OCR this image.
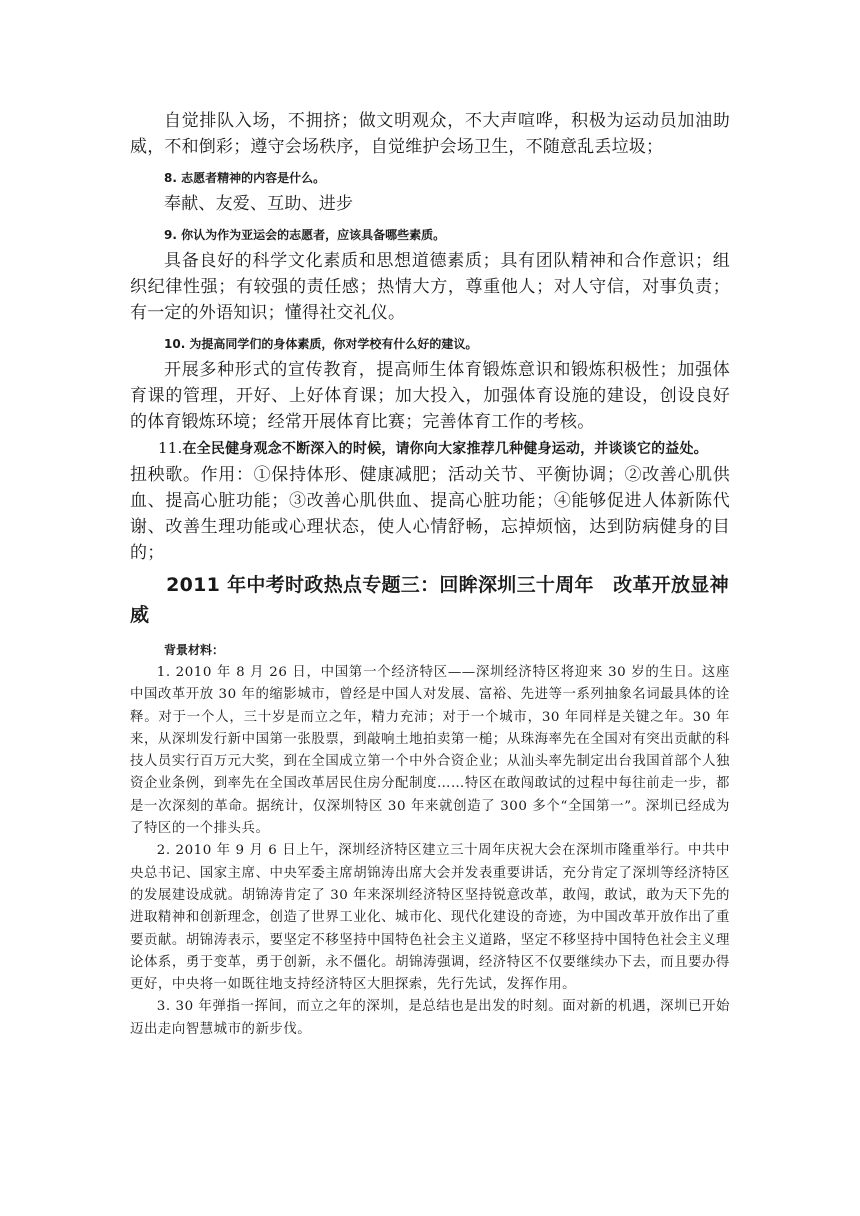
自觉排队入场，不拥挤；做文明观众，不大声喧哗，积极为运动员加油助威，不和倒彩；遵守会场秩序，自觉维护会场卫生，不随意乱丢垃圾；

8. 志愿者精神的内容是什么。

奉献、友爱、互助、进步

9. 你认为作为亚运会的志愿者，应该具备哪些素质。

具备良好的科学文化素质和思想道德素质；具有团队精神和合作意识；组织纪律性强；有较强的责任感；热情大方，尊重他人；对人守信，对事负责；有一定的外语知识；懂得社交礼仪。

10. 为提高同学们的身体素质，你对学校有什么好的建议。

开展多种形式的宣传教育，提高师生体育锻炼意识和锻炼积极性；加强体育课的管理，开好、上好体育课；加大投入，加强体育设施的建设，创设良好的体育锻炼环境；经常开展体育比赛；完善体育工作的考核。

11.在全民健身观念不断深入的时候，请你向大家推荐几种健身运动，并谈谈它的益处。

扭秧歌。作用：①保持体形、健康减肥；活动关节、平衡协调；②改善心肌供血、提高心脏功能；③改善心肌供血、提高心脏功能；④能够促进人体新陈代谢、改善生理功能或心理状态，使人心情舒畅，忘掉烦恼，达到防病健身的目的；

2011 年中考时政热点专题三：回眸深圳三十周年　改革开放显神威

背景材料：

1. 2010 年 8 月 26 日，中国第一个经济特区——深圳经济特区将迎来 30 岁的生日。这座中国改革开放 30 年的缩影城市，曾经是中国人对发展、富裕、先进等一系列抽象名词最具体的诠释。对于一个人，三十岁是而立之年，精力充沛；对于一个城市，30 年同样是关键之年。30 年来，从深圳发行新中国第一张股票，到敲响土地拍卖第一槌；从珠海率先在全国对有突出贡献的科技人员实行百万元大奖，到在全国成立第一个中外合资企业；从汕头率先制定出台我国首部个人独资企业条例，到率先在全国改革居民住房分配制度……特区在敢闯敢试的过程中每往前走一步，都是一次深刻的革命。据统计，仅深圳特区 30 年来就创造了 300 多个“全国第一”。深圳已经成为了特区的一个排头兵。

2. 2010 年 9 月 6 日上午，深圳经济特区建立三十周年庆祝大会在深圳市隆重举行。中共中央总书记、国家主席、中央军委主席胡锦涛出席大会并发表重要讲话，充分肯定了深圳等经济特区的发展建设成就。胡锦涛肯定了 30 年来深圳经济特区坚持锐意改革，敢闯，敢试，敢为天下先的进取精神和创新理念，创造了世界工业化、城市化、现代化建设的奇迹，为中国改革开放作出了重要贡献。胡锦涛表示，要坚定不移坚持中国特色社会主义道路，坚定不移坚持中国特色社会主义理论体系，勇于变革，勇于创新，永不僵化。胡锦涛强调，经济特区不仅要继续办下去，而且要办得更好，中央将一如既往地支持经济特区大胆探索，先行先试，发挥作用。

3. 30 年弹指一挥间，而立之年的深圳，是总结也是出发的时刻。面对新的机遇，深圳已开始迈出走向智慧城市的新步伐。
